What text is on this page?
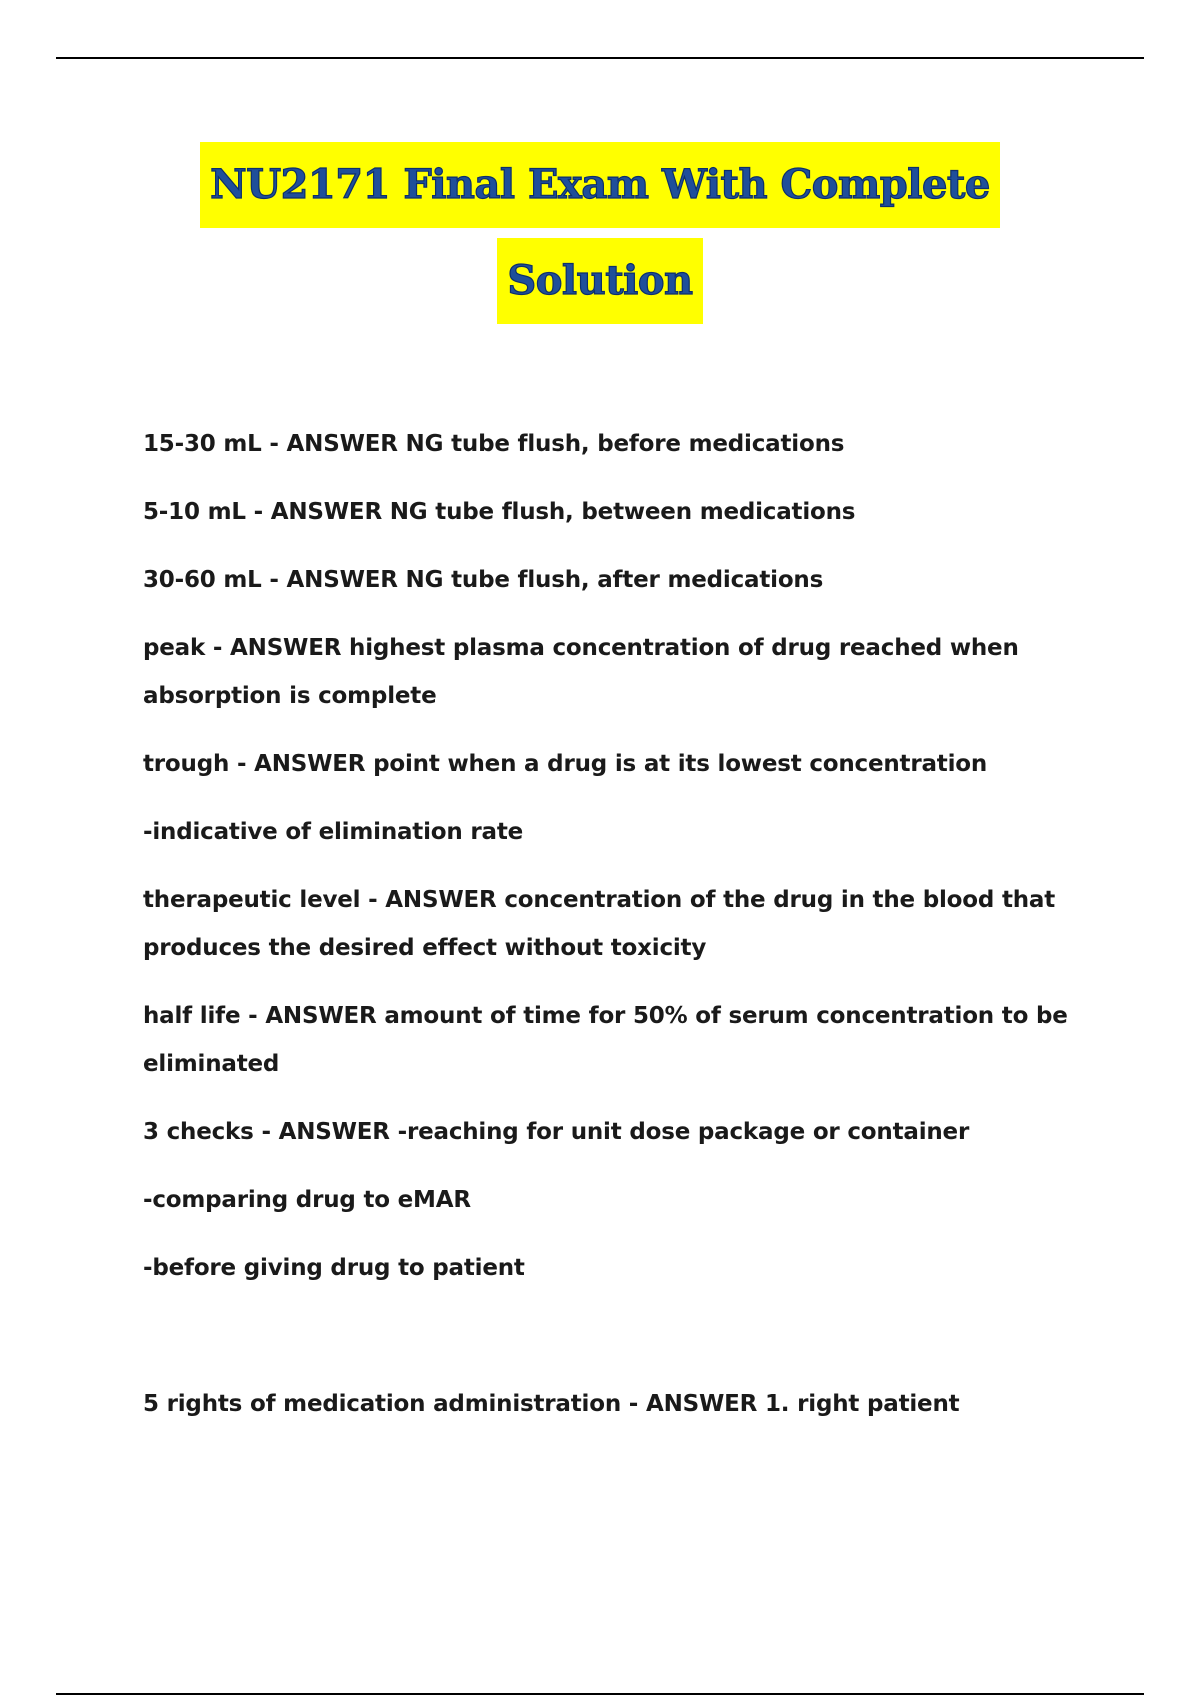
NU2171 Final Exam With Complete
Solution

15-30 mL - ANSWER NG tube flush, before medications

5-10 mL - ANSWER NG tube flush, between medications

30-60 mL - ANSWER NG tube flush, after medications

peak - ANSWER highest plasma concentration of drug reached when absorption is complete

trough - ANSWER point when a drug is at its lowest concentration

-indicative of elimination rate

therapeutic level - ANSWER concentration of the drug in the blood that produces the desired effect without toxicity

half life - ANSWER amount of time for 50% of serum concentration to be eliminated

3 checks - ANSWER -reaching for unit dose package or container

-comparing drug to eMAR

-before giving drug to patient

5 rights of medication administration - ANSWER 1. right patient
